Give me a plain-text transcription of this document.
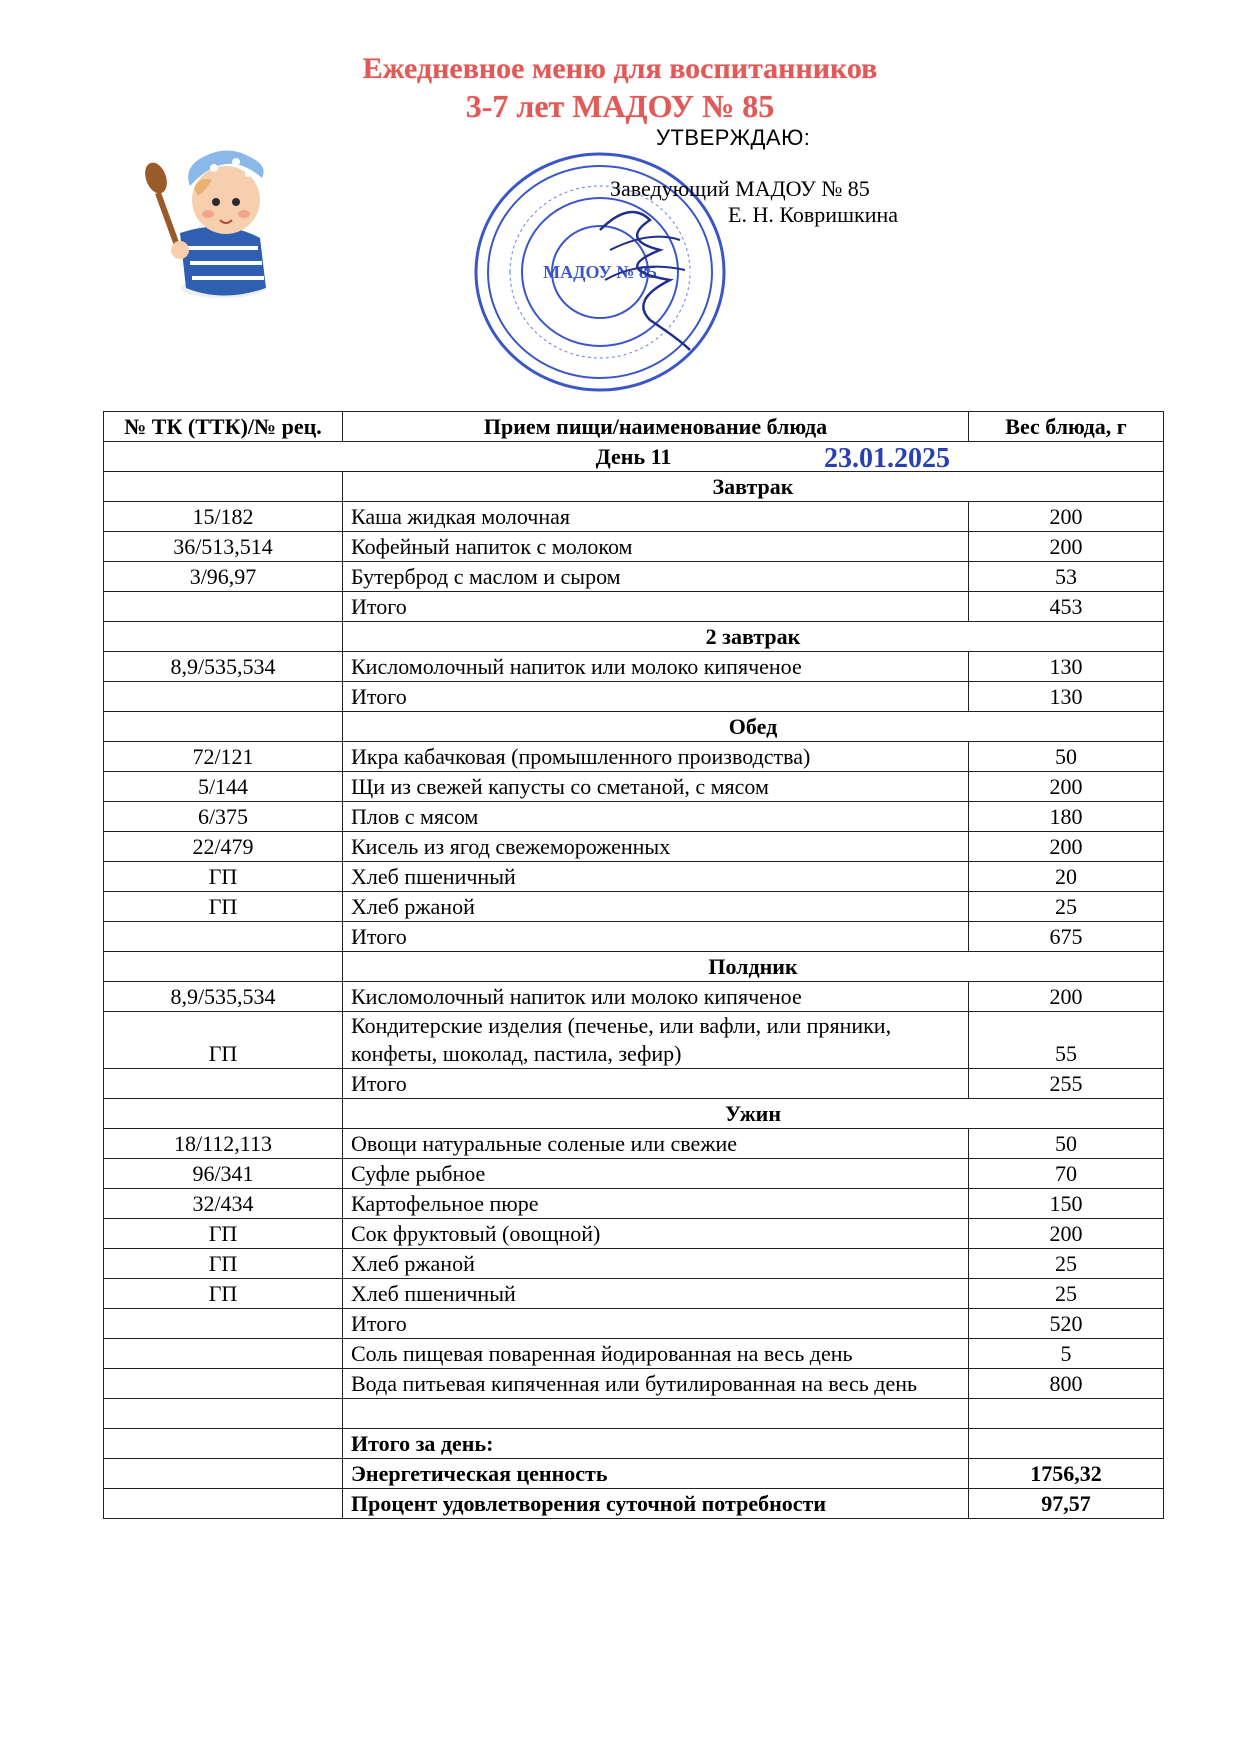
Ежедневное меню для воспитанников
3-7 лет МАДОУ № 85
МАДОУ № 85
УТВЕРЖДАЮ:
Заведующий МАДОУ № 85
Е. Н. Ковришкина
№ ТК (ТТК)/№ рец.	Прием пищи/наименование блюда	Вес блюда, г
День 11 23.01.2025		

	Завтрак	
15/182	Каша жидкая молочная	200
36/513,514	Кофейный напиток с молоком	200
3/96,97	Бутерброд с маслом и сыром	53
	Итого	453
	2 завтрак	
8,9/535,534	Кисломолочный напиток или молоко кипяченое	130
	Итого	130
	Обед	
72/121	Икра кабачковая (промышленного производства)	50
5/144	Щи из свежей капусты со сметаной, с мясом	200
6/375	Плов с мясом	180
22/479	Кисель из ягод свежемороженных	200
ГП	Хлеб пшеничный	20
ГП	Хлеб ржаной	25
	Итого	675
	Полдник	
8,9/535,534	Кисломолочный напиток или молоко кипяченое	200
ГП	Кондитерские изделия (печенье, или вафли, или пряники, конфеты, шоколад, пастила, зефир)	55
	Итого	255
	Ужин	
18/112,113	Овощи натуральные соленые или свежие	50
96/341	Суфле рыбное	70
32/434	Картофельное пюре	150
ГП	Сок фруктовый (овощной)	200
ГП	Хлеб ржаной	25
ГП	Хлеб пшеничный	25
	Итого	520
	Соль пищевая поваренная йодированная на весь день	5
	Вода питьевая кипяченная или бутилированная на весь день	800

	Итого за день:	
	Энергетическая ценность	1756,32
	Процент удовлетворения суточной потребности	97,57
